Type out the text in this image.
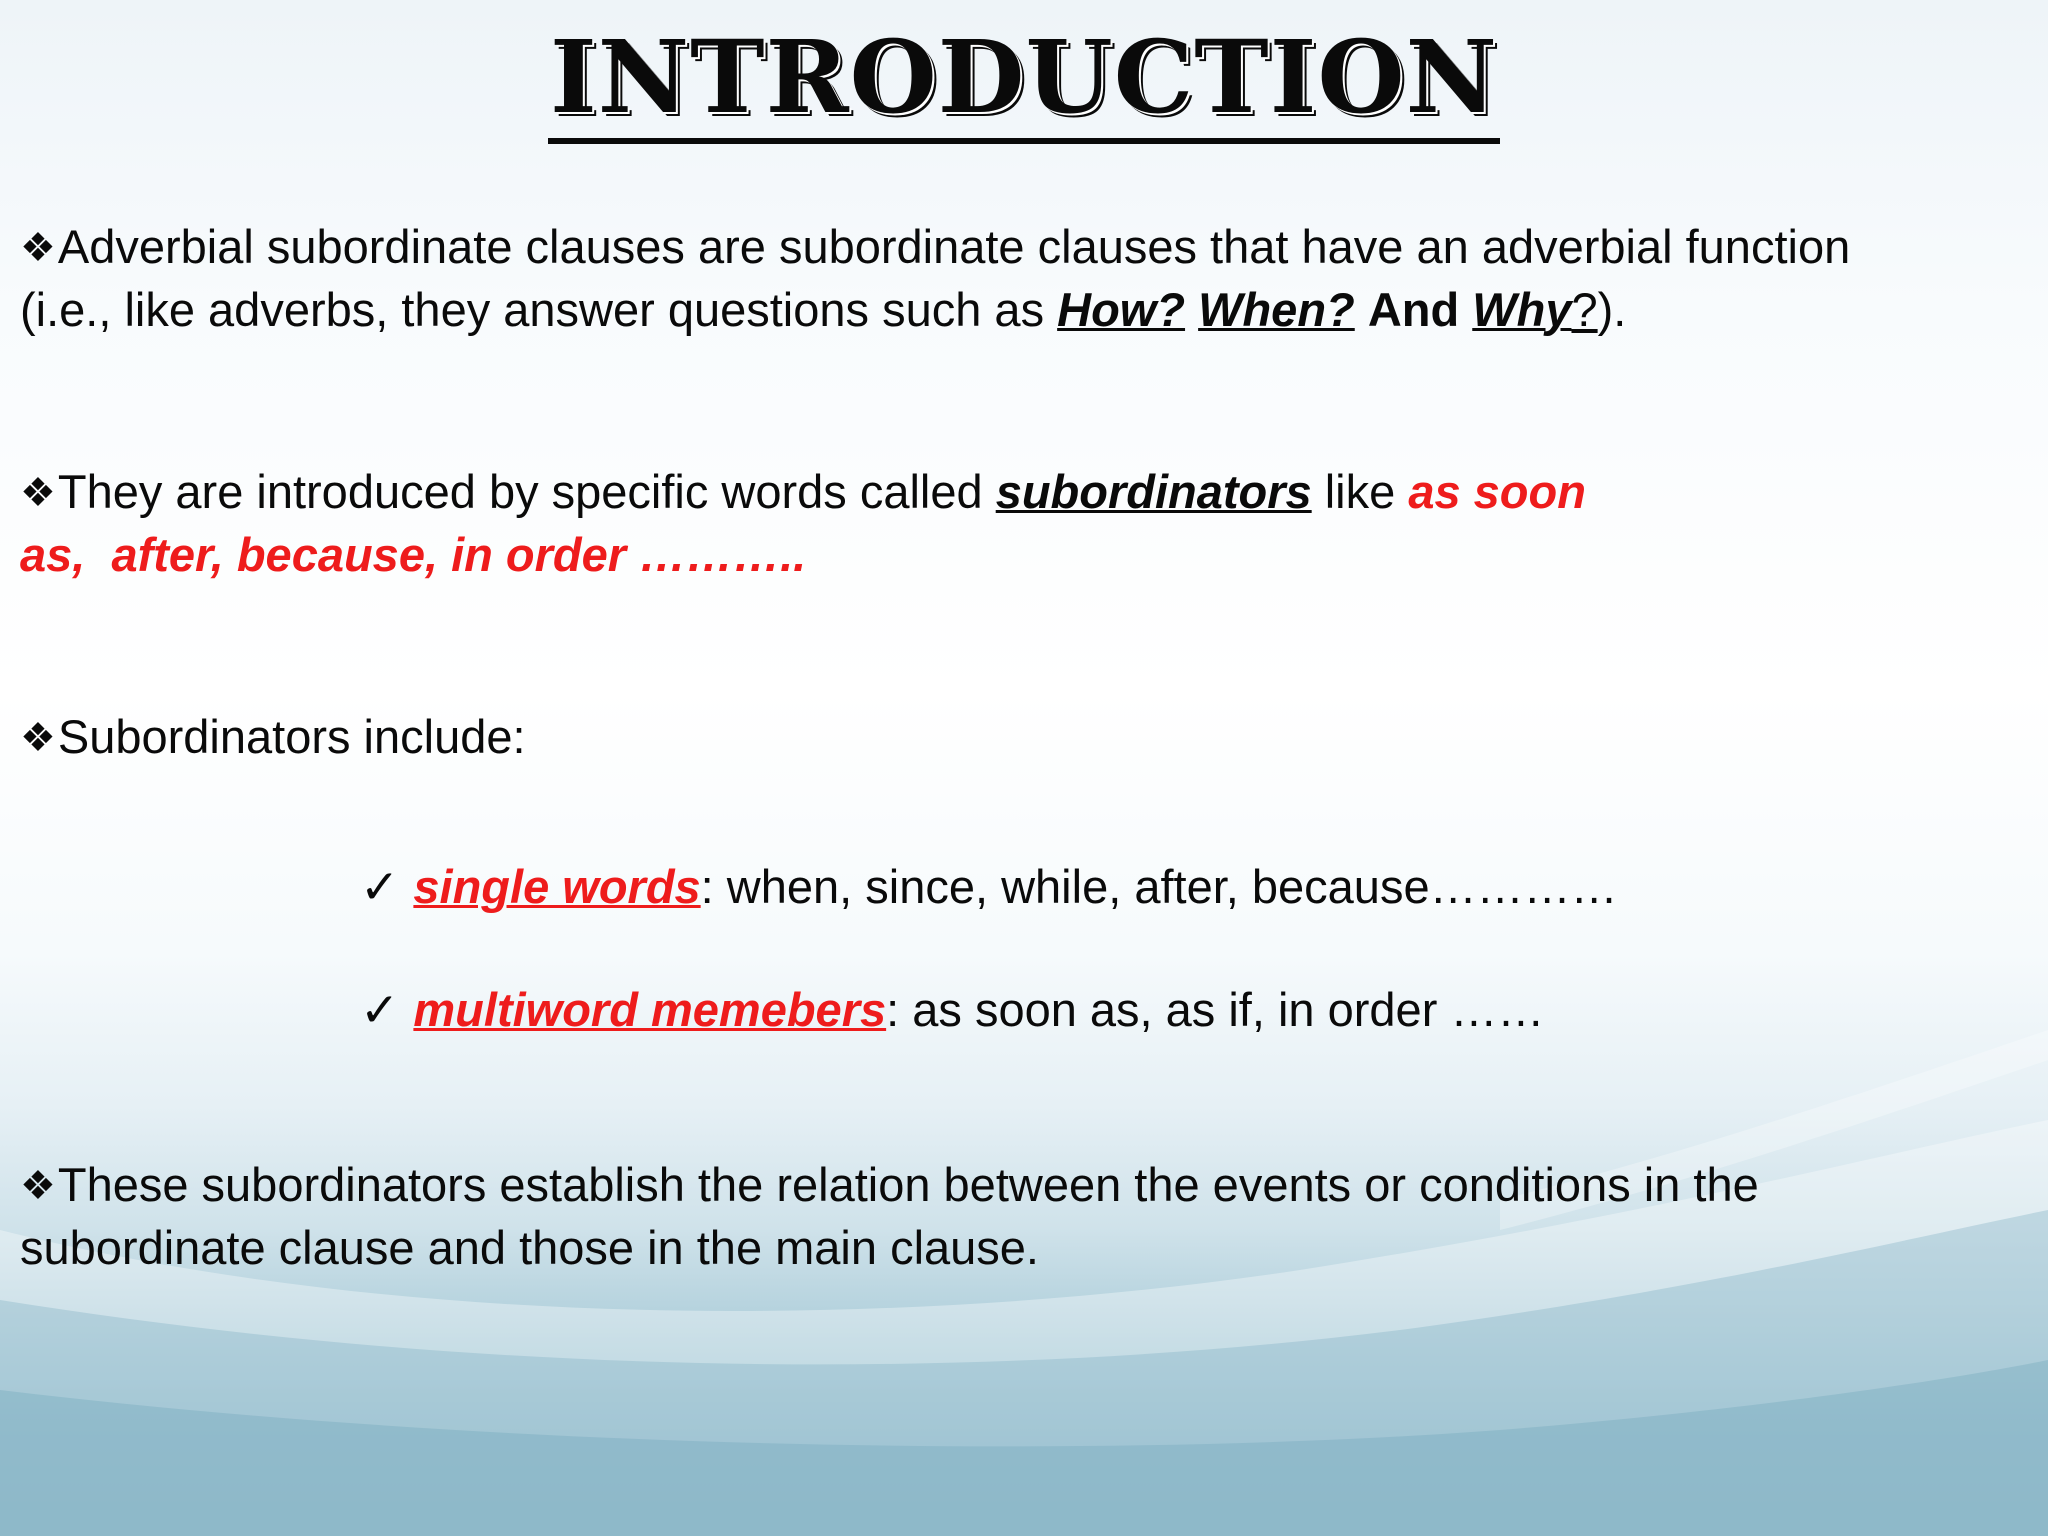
INTRODUCTION
❖Adverbial subordinate clauses are subordinate clauses that have an adverbial function
(i.e., like adverbs, they answer questions such as How? When? And Why?).
❖They are introduced by specific words called subordinators like as soon
as,  after, because, in order ………..
❖Subordinators include:
✓ single words: when, since, while, after, because…………
✓ multiword memebers: as soon as, as if, in order ……
❖These subordinators establish the relation between the events or conditions in the
subordinate clause and those in the main clause.
